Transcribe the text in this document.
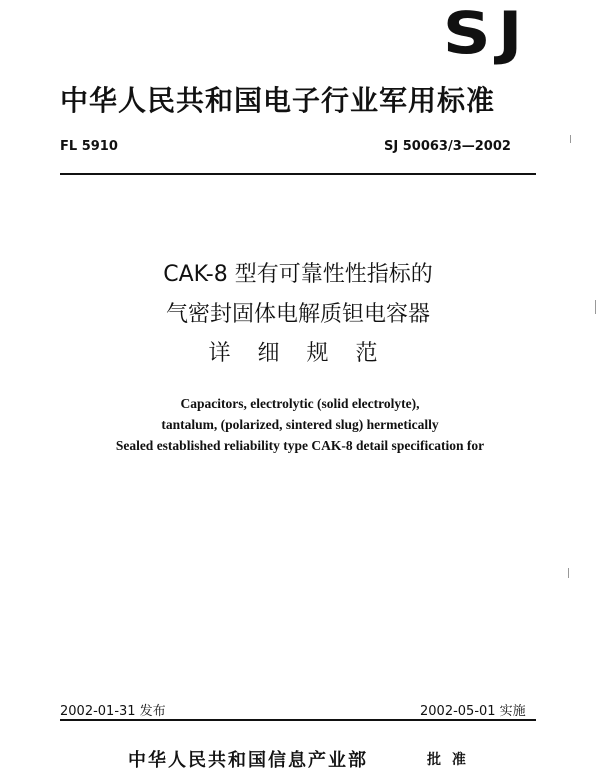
SJ
中华人民共和国电子行业军用标准
FL 5910	SJ 50063/3—2002
CAK-8 型有可靠性性指标的
气密封固体电解质钽电容器
详 细 规 范
Capacitors, electrolytic (solid electrolyte),
tantalum, (polarized, sintered slug) hermetically
Sealed established reliability type CAK-8 detail specification for
2002-01-31 发布	2002-05-01 实施
中华人民共和国信息产业部	批 准
